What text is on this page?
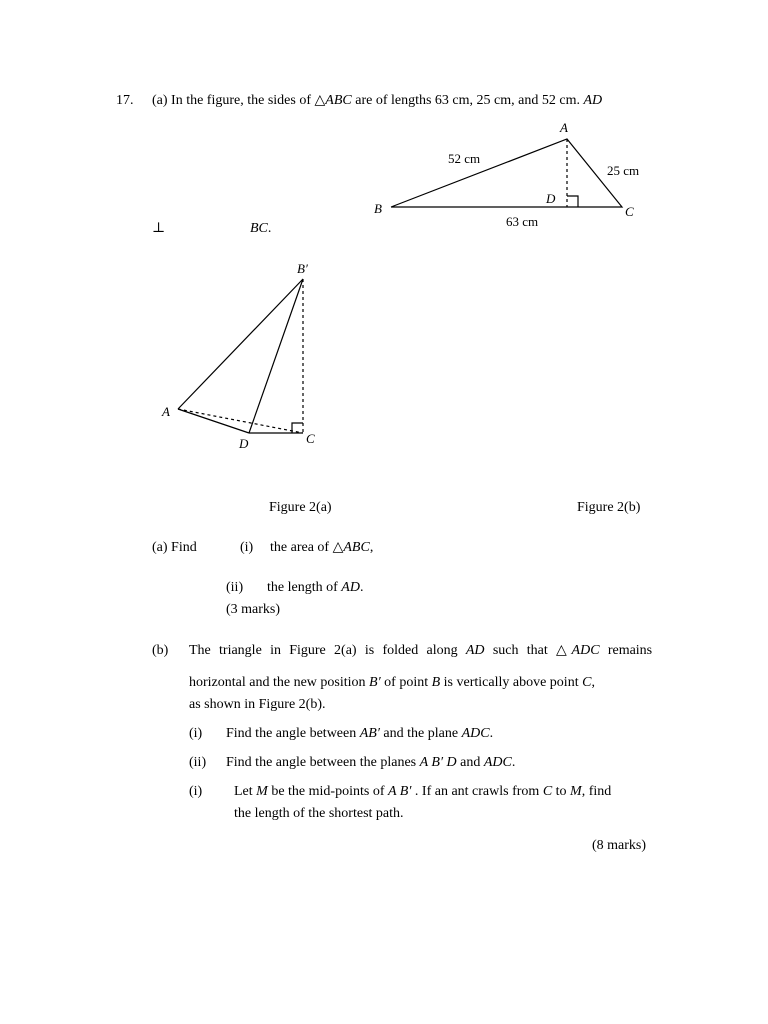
17. (a) In the figure, the sides of △ABC are of lengths 63 cm, 25 cm, and 52 cm. AD
⊥	BC.
A
B	C
D
52 cm
25 cm
63 cm
B′
A
D	C
Figure 2(a)	Figure 2(b)
(a) Find	(i) the area of △ABC,
(ii) the length of AD.
(3 marks)
(b) The triangle in Figure 2(a) is folded along AD such that △ADC remains
horizontal and the new position B′ of point B is vertically above point C,
as shown in Figure 2(b).
(i) Find the angle between AB′ and the plane ADC.
(ii) Find the angle between the planes A B′ D and ADC.
(i) Let M be the mid-points of A B′ . If an ant crawls from C to M, find
the length of the shortest path.
(8 marks)
